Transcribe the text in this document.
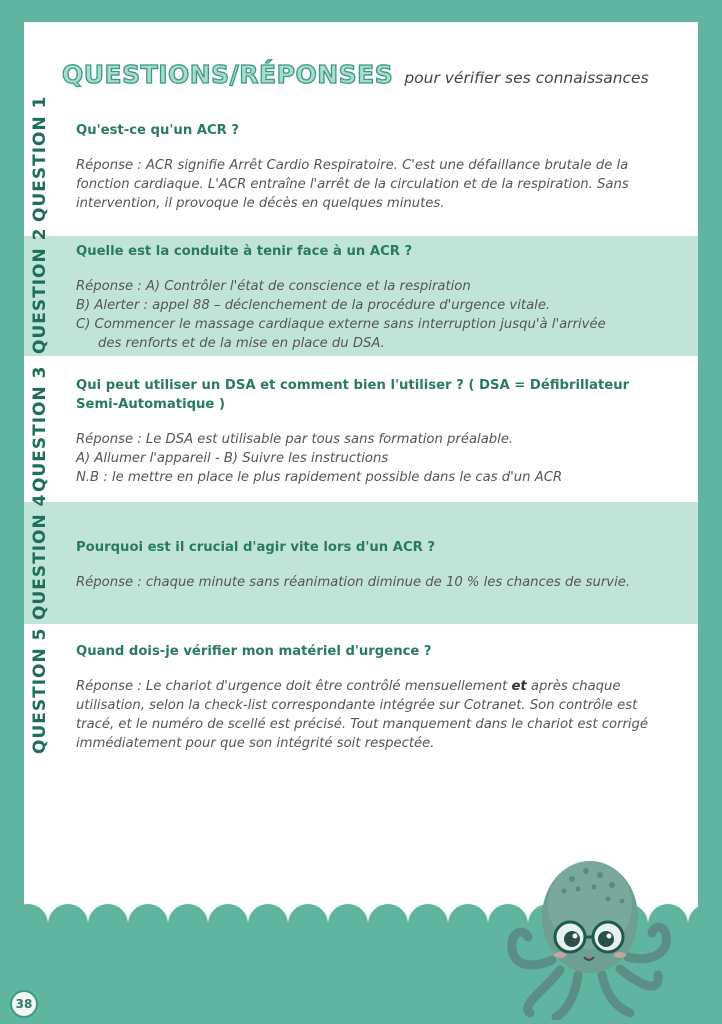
QUESTIONS/RÉPONSES pour vérifier ses connaissances
QUESTION 1 Qu'est-ce qu'un ACR ?

Réponse : ACR signifie Arrêt Cardio Respiratoire. C'est une défaillance brutale de la fonction cardiaque. L'ACR entraîne l'arrêt de la circulation et de la respiration. Sans intervention, il provoque le décès en quelques minutes.

QUESTION 2 Quelle est la conduite à tenir face à un ACR ?

Réponse : A) Contrôler l'état de conscience et la respiration

B) Alerter : appel 88 – déclenchement de la procédure d'urgence vitale.

C) Commencer le massage cardiaque externe sans interruption jusqu'à l'arrivée

des renforts et de la mise en place du DSA.

QUESTION 3 Qui peut utiliser un DSA et comment bien l'utiliser ? ( DSA = Défibrillateur Semi-Automatique )

Réponse : Le DSA est utilisable par tous sans formation préalable.

A) Allumer l'appareil - B) Suivre les instructions

N.B : le mettre en place le plus rapidement possible dans le cas d'un ACR

QUESTION 4 Pourquoi est il crucial d'agir vite lors d'un ACR ?

Réponse : chaque minute sans réanimation diminue de 10 % les chances de survie.

QUESTION 5 Quand dois-je vérifier mon matériel d'urgence ?

Réponse : Le chariot d'urgence doit être contrôlé mensuellement et après chaque utilisation, selon la check-list correspondante intégrée sur Cotranet. Son contrôle est tracé, et le numéro de scellé est précisé. Tout manquement dans le chariot est corrigé immédiatement pour que son intégrité soit respectée.

38
